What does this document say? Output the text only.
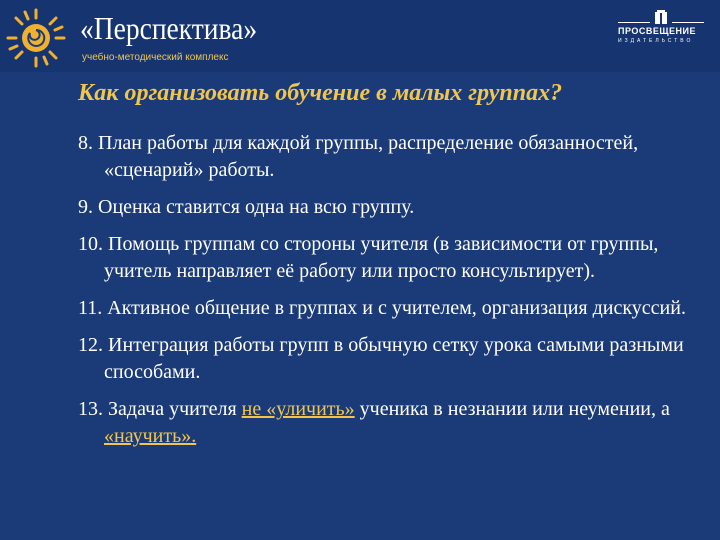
«Перспектива»
учебно-методический комплекс
ПРОСВЕЩЕНИЕ
ИЗДАТЕЛЬСТВО
Как организовать обучение в малых группах?
8. План работы для каждой группы, распределение обязанностей, «сценарий» работы.
9. Оценка ставится одна на всю группу.
10. Помощь группам со стороны учителя (в зависимости от группы, учитель направляет её работу или просто консультирует).
11. Активное общение в группах и с учителем, организация дискуссий.
12. Интеграция работы групп в обычную сетку урока самыми разными способами.
13. Задача учителя не «уличить» ученика в незнании или неумении, а «научить».
